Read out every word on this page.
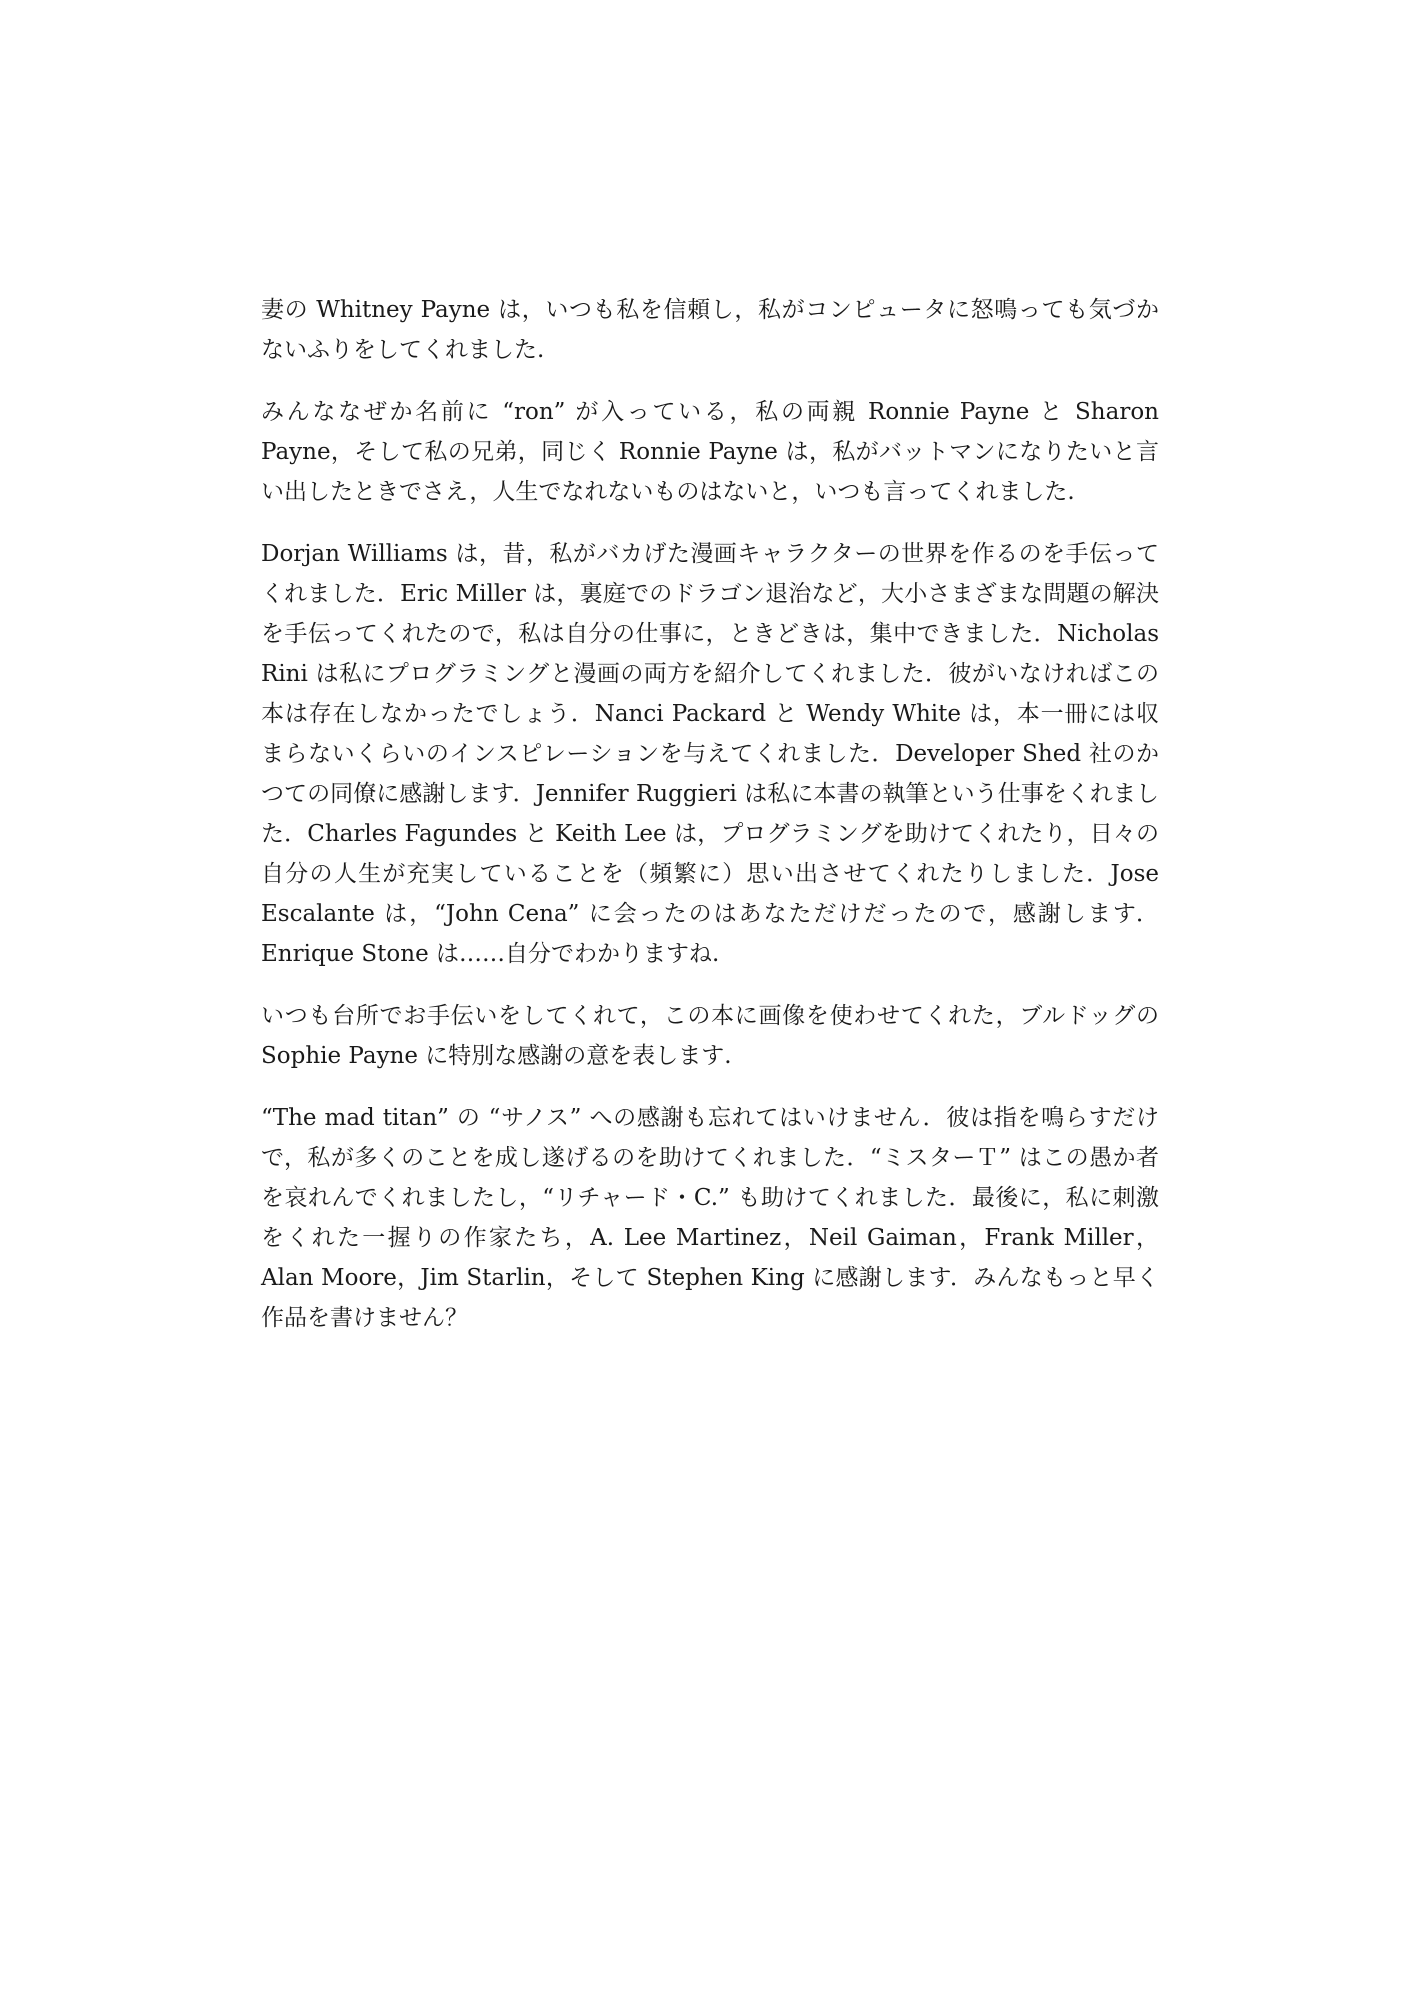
妻の Whitney Payne は，いつも私を信頼し，私がコンピュータに怒鳴っても気づかないふりをしてくれました.

みんななぜか名前に “ron” が入っている，私の両親 Ronnie Payne と Sharon Payne，そして私の兄弟，同じく Ronnie Payne は，私がバットマンになりたいと言い出したときでさえ，人生でなれないものはないと，いつも言ってくれました.

Dorjan Williams は，昔，私がバカげた漫画キャラクターの世界を作るのを手伝ってくれました．Eric Miller は，裏庭でのドラゴン退治など，大小さまざまな問題の解決を手伝ってくれたので，私は自分の仕事に，ときどきは，集中できました．Nicholas Rini は私にプログラミングと漫画の両方を紹介してくれました．彼がいなければこの本は存在しなかったでしょう．Nanci Packard と Wendy White は，本一冊には収まらないくらいのインスピレーションを与えてくれました．Developer Shed 社のかつての同僚に感謝します．Jennifer Ruggieri は私に本書の執筆という仕事をくれました．Charles Fagundes と Keith Lee は，プログラミングを助けてくれたり，日々の自分の人生が充実していることを（頻繁に）思い出させてくれたりしました．Jose Escalante は，“John Cena” に会ったのはあなただけだったので，感謝します．Enrique Stone は……自分でわかりますね.

いつも台所でお手伝いをしてくれて，この本に画像を使わせてくれた，ブルドッグの Sophie Payne に特別な感謝の意を表します.

“The mad titan” の “サノス” への感謝も忘れてはいけません．彼は指を鳴らすだけで，私が多くのことを成し遂げるのを助けてくれました．“ミスターＴ” はこの愚か者を哀れんでくれましたし，“リチャード・C.” も助けてくれました．最後に，私に刺激をくれた一握りの作家たち，A. Lee Martinez，Neil Gaiman，Frank Miller，Alan Moore，Jim Starlin，そして Stephen King に感謝します．みんなもっと早く作品を書けません？
